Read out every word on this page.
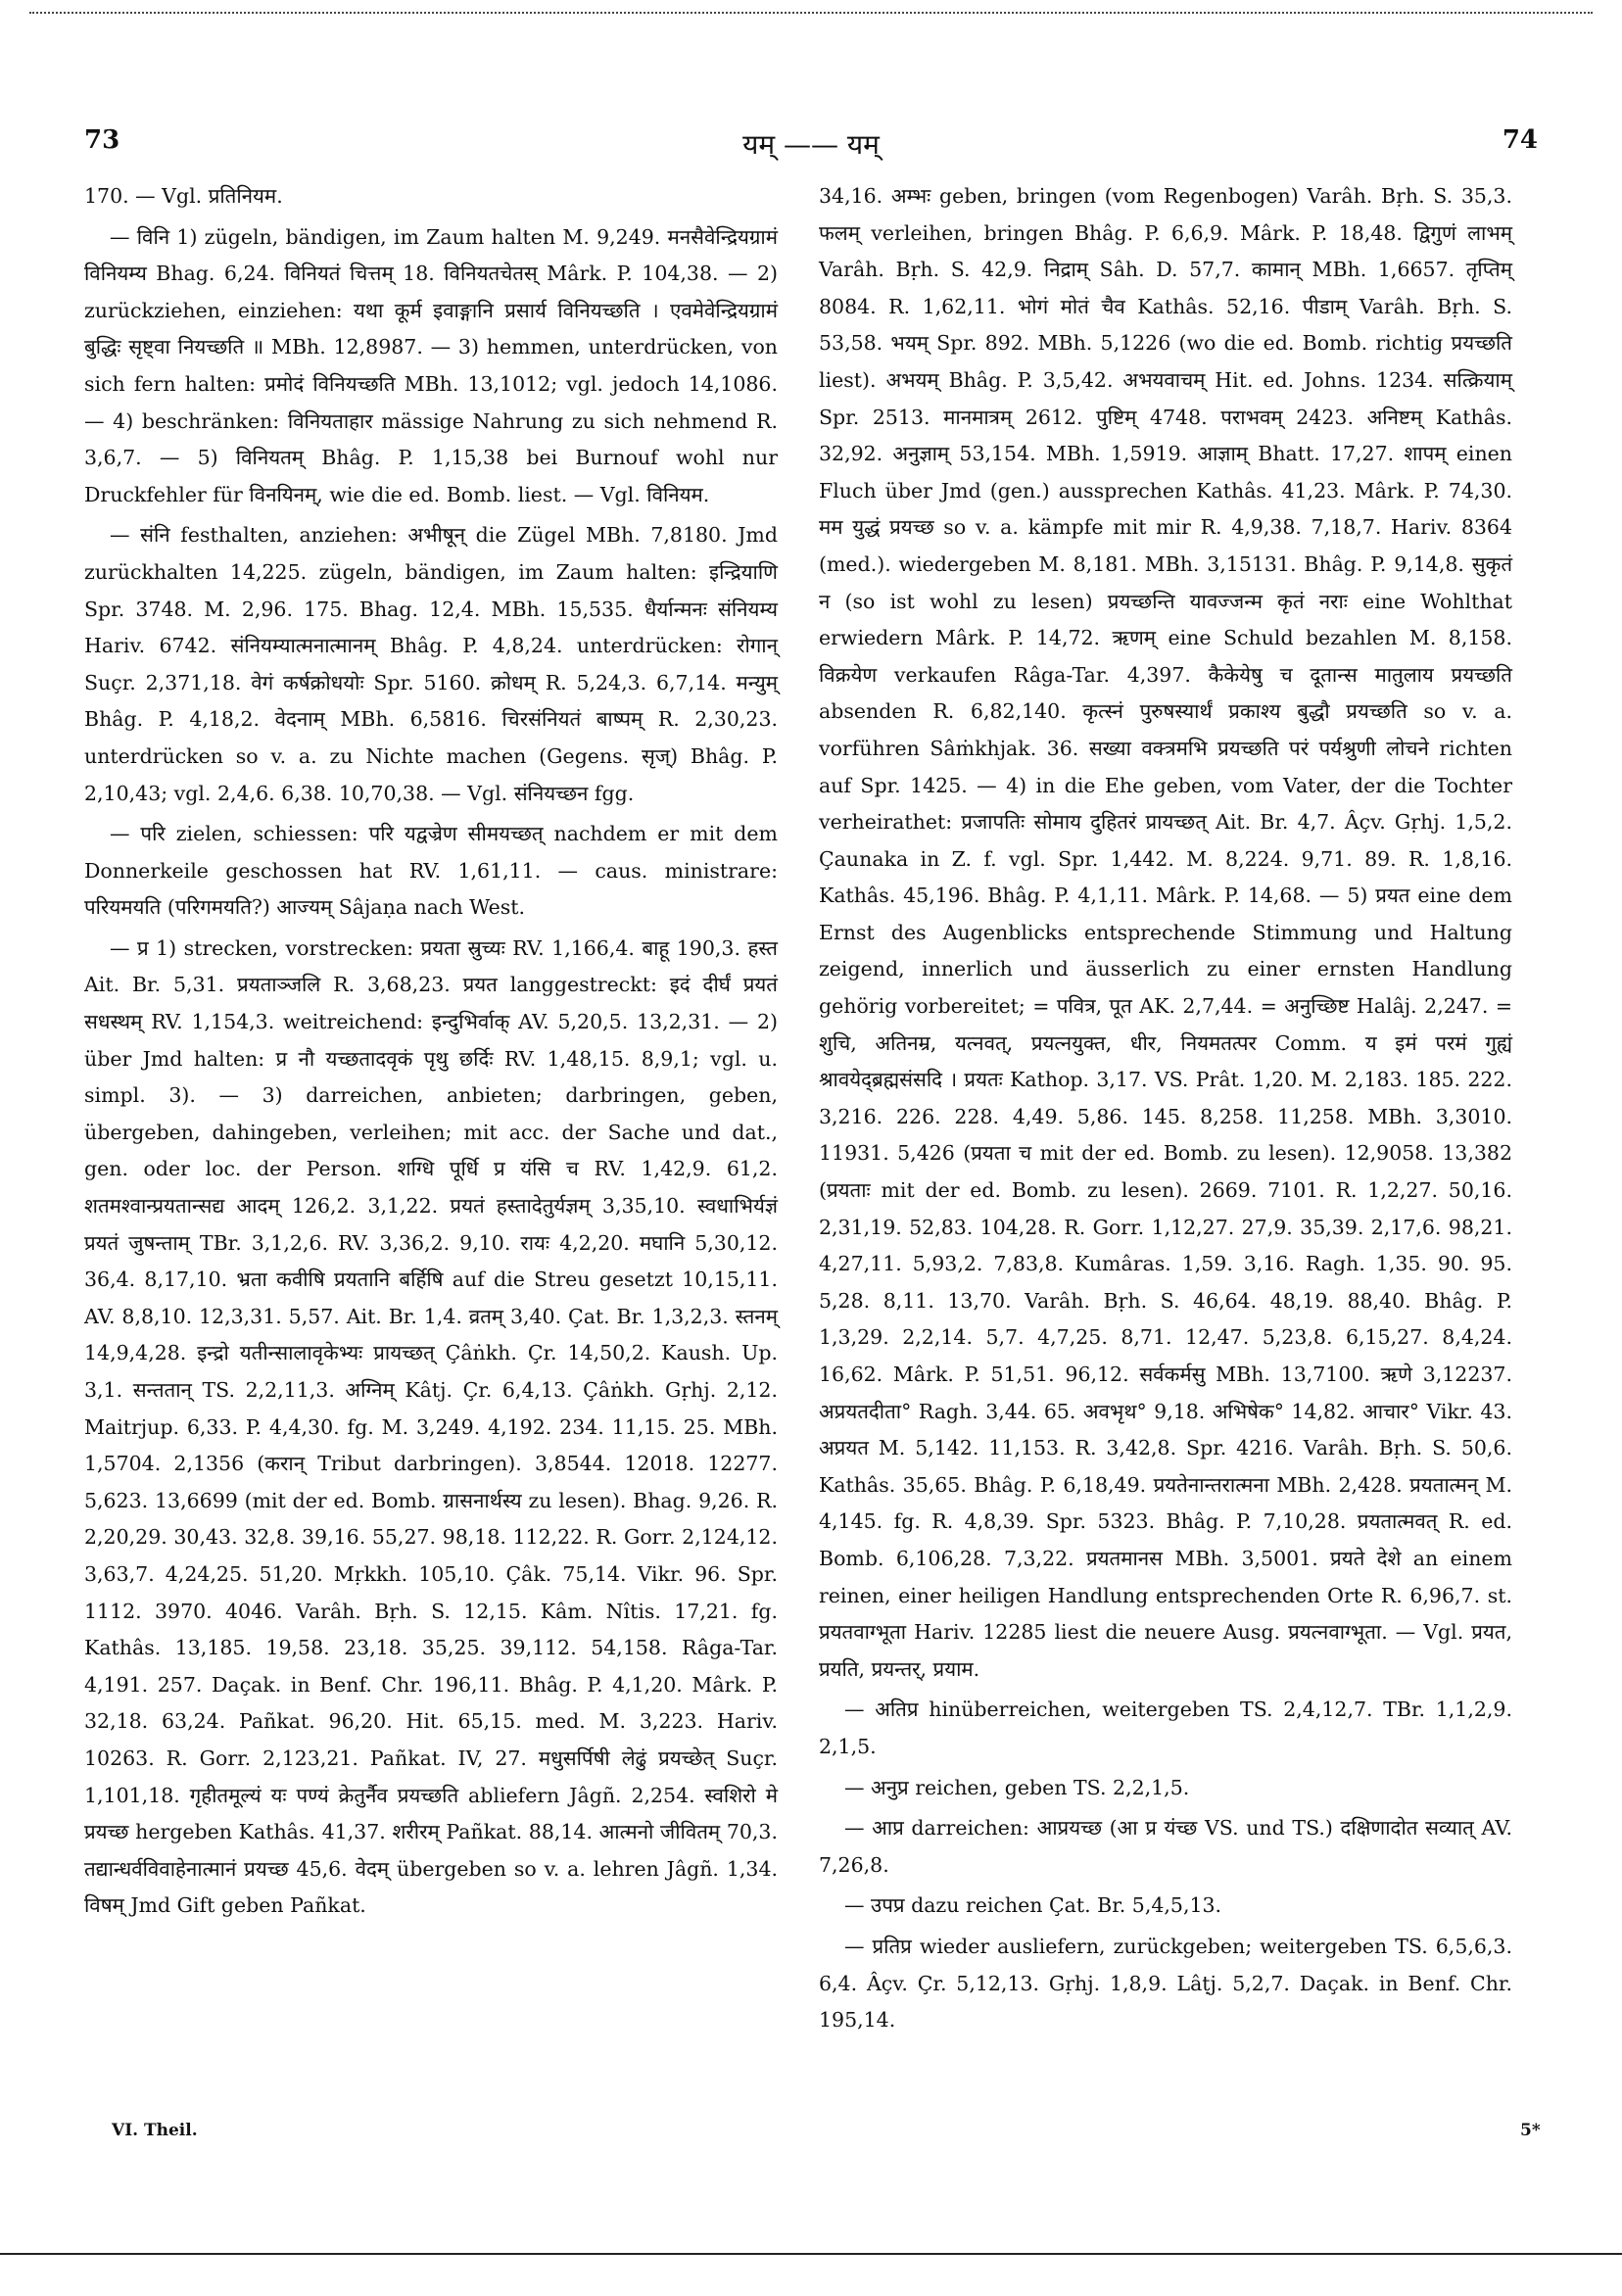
73	यम् —— यम्	74

170. — Vgl. प्रतिनियम.

— विनि 1) zügeln, bändigen, im Zaum halten M. 9,249. मनसैवेन्द्रियग्रामं विनियम्य Bhag. 6,24. विनियतं चित्तम् 18. विनियतचेतस् Mârk. P. 104,38. — 2) zurückziehen, einziehen: यथा कूर्म इवाङ्गानि प्रसार्य विनियच्छति । एवमेवेन्द्रियग्रामं बुद्धिः सृष्ट्वा नियच्छति ॥ MBh. 12,8987. — 3) hemmen, unterdrücken, von sich fern halten: प्रमोदं विनियच्छति MBh. 13,1012; vgl. jedoch 14,1086. — 4) beschränken: विनियताहार mässige Nahrung zu sich nehmend R. 3,6,7. — 5) विनियतम् Bhâg. P. 1,15,38 bei Burnouf wohl nur Druckfehler für विनयिनम्, wie die ed. Bomb. liest. — Vgl. विनियम.

— संनि festhalten, anziehen: अभीषून् die Zügel MBh. 7,8180. Jmd zurückhalten 14,225. zügeln, bändigen, im Zaum halten: इन्द्रियाणि Spr. 3748. M. 2,96. 175. Bhag. 12,4. MBh. 15,535. धैर्यान्मनः संनियम्य Hariv. 6742. संनियम्यात्मनात्मानम् Bhâg. P. 4,8,24. unterdrücken: रोगान् Suçr. 2,371,18. वेगं कर्षक्रोधयोः Spr. 5160. क्रोधम् R. 5,24,3. 6,7,14. मन्युम् Bhâg. P. 4,18,2. वेदनाम् MBh. 6,5816. चिरसंनियतं बाष्पम् R. 2,30,23. unterdrücken so v. a. zu Nichte machen (Gegens. सृज्) Bhâg. P. 2,10,43; vgl. 2,4,6. 6,38. 10,70,38. — Vgl. संनियच्छन fgg.

— परि zielen, schiessen: परि यद्वज्रेण सीमयच्छत् nachdem er mit dem Donnerkeile geschossen hat RV. 1,61,11. — caus. ministrare: परियमयति (परिगमयति?) आज्यम् Sâjaṇa nach West.

— प्र 1) strecken, vorstrecken: प्रयता स्रुच्यः RV. 1,166,4. बाहू 190,3. हस्त Ait. Br. 5,31. प्रयताञ्जलि R. 3,68,23. प्रयत langgestreckt: इदं दीर्घं प्रयतं सधस्थम् RV. 1,154,3. weitreichend: इन्दुभिर्वाक् AV. 5,20,5. 13,2,31. — 2) über Jmd halten: प्र नौ यच्छतादवृकं पृथु छर्दिः RV. 1,48,15. 8,9,1; vgl. u. simpl. 3). — 3) darreichen, anbieten; darbringen, geben, übergeben, dahingeben, verleihen; mit acc. der Sache und dat., gen. oder loc. der Person. शग्धि पूर्धि प्र यंसि च RV. 1,42,9. 61,2. शतमश्वान्प्रयतान्सद्य आदम् 126,2. 3,1,22. प्रयतं हस्तादेतुर्यज्ञम् 3,35,10. स्वधाभिर्यज्ञं प्रयतं जुषन्ताम् TBr. 3,1,2,6. RV. 3,36,2. 9,10. रायः 4,2,20. मघानि 5,30,12. 36,4. 8,17,10. भ्रता कवीषि प्रयतानि बर्हिषि auf die Streu gesetzt 10,15,11. AV. 8,8,10. 12,3,31. 5,57. Ait. Br. 1,4. व्रतम् 3,40. Çat. Br. 1,3,2,3. स्तनम् 14,9,4,28. इन्द्रो यतीन्सालावृकेभ्यः प्रायच्छत् Çâṅkh. Çr. 14,50,2. Kaush. Up. 3,1. सन्ततान् TS. 2,2,11,3. अग्निम् Kâtj. Çr. 6,4,13. Çâṅkh. Gṛhj. 2,12. Maitrjup. 6,33. P. 4,4,30. fg. M. 3,249. 4,192. 234. 11,15. 25. MBh. 1,5704. 2,1356 (करान् Tribut darbringen). 3,8544. 12018. 12277. 5,623. 13,6699 (mit der ed. Bomb. ग्रासनार्थस्य zu lesen). Bhag. 9,26. R. 2,20,29. 30,43. 32,8. 39,16. 55,27. 98,18. 112,22. R. Gorr. 2,124,12. 3,63,7. 4,24,25. 51,20. Mṛkkh. 105,10. Çâk. 75,14. Vikr. 96. Spr. 1112. 3970. 4046. Varâh. Bṛh. S. 12,15. Kâm. Nîtis. 17,21. fg. Kathâs. 13,185. 19,58. 23,18. 35,25. 39,112. 54,158. Râga-Tar. 4,191. 257. Daçak. in Benf. Chr. 196,11. Bhâg. P. 4,1,20. Mârk. P. 32,18. 63,24. Pañkat. 96,20. Hit. 65,15. med. M. 3,223. Hariv. 10263. R. Gorr. 2,123,21. Pañkat. IV, 27. मधुसर्पिषी लेढुं प्रयच्छेत् Suçr. 1,101,18. गृहीतमूल्यं यः पण्यं क्रेतुर्नैव प्रयच्छति abliefern Jâgñ. 2,254. स्वशिरो मे प्रयच्छ hergeben Kathâs. 41,37. शरीरम् Pañkat. 88,14. आत्मनो जीवितम् 70,3. तद्यान्धर्वविवाहेनात्मानं प्रयच्छ 45,6. वेदम् übergeben so v. a. lehren Jâgñ. 1,34. विषम् Jmd Gift geben Pañkat.

34,16. अम्भः geben, bringen (vom Regenbogen) Varâh. Bṛh. S. 35,3. फलम् verleihen, bringen Bhâg. P. 6,6,9. Mârk. P. 18,48. द्विगुणं लाभम् Varâh. Bṛh. S. 42,9. निद्राम् Sâh. D. 57,7. कामान् MBh. 1,6657. तृप्तिम् 8084. R. 1,62,11. भोगं मोतं चैव Kathâs. 52,16. पीडाम् Varâh. Bṛh. S. 53,58. भयम् Spr. 892. MBh. 5,1226 (wo die ed. Bomb. richtig प्रयच्छति liest). अभयम् Bhâg. P. 3,5,42. अभयवाचम् Hit. ed. Johns. 1234. सत्क्रियाम् Spr. 2513. मानमात्रम् 2612. पुष्टिम् 4748. पराभवम् 2423. अनिष्टम् Kathâs. 32,92. अनुज्ञाम् 53,154. MBh. 1,5919. आज्ञाम् Bhatt. 17,27. शापम् einen Fluch über Jmd (gen.) aussprechen Kathâs. 41,23. Mârk. P. 74,30. मम युद्धं प्रयच्छ so v. a. kämpfe mit mir R. 4,9,38. 7,18,7. Hariv. 8364 (med.). wiedergeben M. 8,181. MBh. 3,15131. Bhâg. P. 9,14,8. सुकृतं न (so ist wohl zu lesen) प्रयच्छन्ति यावज्जन्म कृतं नराः eine Wohlthat erwiedern Mârk. P. 14,72. ऋणम् eine Schuld bezahlen M. 8,158. विक्रयेण verkaufen Râga-Tar. 4,397. कैकेयेषु च दूतान्स मातुलाय प्रयच्छति absenden R. 6,82,140. कृत्स्नं पुरुषस्यार्थं प्रकाश्य बुद्धौ प्रयच्छति so v. a. vorführen Sâṁkhjak. 36. सख्या वक्त्रमभि प्रयच्छति परं पर्यश्रुणी लोचने richten auf Spr. 1425. — 4) in die Ehe geben, vom Vater, der die Tochter verheirathet: प्रजापतिः सोमाय दुहितरं प्रायच्छत् Ait. Br. 4,7. Âçv. Gṛhj. 1,5,2. Çaunaka in Z. f. vgl. Spr. 1,442. M. 8,224. 9,71. 89. R. 1,8,16. Kathâs. 45,196. Bhâg. P. 4,1,11. Mârk. P. 14,68. — 5) प्रयत eine dem Ernst des Augenblicks entsprechende Stimmung und Haltung zeigend, innerlich und äusserlich zu einer ernsten Handlung gehörig vorbereitet; = पवित्र, पूत AK. 2,7,44. = अनुच्छिष्ट Halâj. 2,247. = शुचि, अतिनम्र, यत्नवत्, प्रयत्नयुक्त, धीर, नियमतत्पर Comm. य इमं परमं गुह्यं श्रावयेद्ब्रह्मसंसदि । प्रयतः Kathop. 3,17. VS. Prât. 1,20. M. 2,183. 185. 222. 3,216. 226. 228. 4,49. 5,86. 145. 8,258. 11,258. MBh. 3,3010. 11931. 5,426 (प्रयता च mit der ed. Bomb. zu lesen). 12,9058. 13,382 (प्रयताः mit der ed. Bomb. zu lesen). 2669. 7101. R. 1,2,27. 50,16. 2,31,19. 52,83. 104,28. R. Gorr. 1,12,27. 27,9. 35,39. 2,17,6. 98,21. 4,27,11. 5,93,2. 7,83,8. Kumâras. 1,59. 3,16. Ragh. 1,35. 90. 95. 5,28. 8,11. 13,70. Varâh. Bṛh. S. 46,64. 48,19. 88,40. Bhâg. P. 1,3,29. 2,2,14. 5,7. 4,7,25. 8,71. 12,47. 5,23,8. 6,15,27. 8,4,24. 16,62. Mârk. P. 51,51. 96,12. सर्वकर्मसु MBh. 13,7100. ऋणे 3,12237. अप्रयतदीता° Ragh. 3,44. 65. अवभृथ° 9,18. अभिषेक° 14,82. आचार° Vikr. 43. अप्रयत M. 5,142. 11,153. R. 3,42,8. Spr. 4216. Varâh. Bṛh. S. 50,6. Kathâs. 35,65. Bhâg. P. 6,18,49. प्रयतेनान्तरात्मना MBh. 2,428. प्रयतात्मन् M. 4,145. fg. R. 4,8,39. Spr. 5323. Bhâg. P. 7,10,28. प्रयतात्मवत् R. ed. Bomb. 6,106,28. 7,3,22. प्रयतमानस MBh. 3,5001. प्रयते देशे an einem reinen, einer heiligen Handlung entsprechenden Orte R. 6,96,7. st. प्रयतवाग्भूता Hariv. 12285 liest die neuere Ausg. प्रयत्नवाग्भूता. — Vgl. प्रयत, प्रयति, प्रयन्तर्, प्रयाम.

— अतिप्र hinüberreichen, weitergeben TS. 2,4,12,7. TBr. 1,1,2,9. 2,1,5.

— अनुप्र reichen, geben TS. 2,2,1,5.

— आप्र darreichen: आप्रयच्छ (आ प्र यंच्छ VS. und TS.) दक्षिणादोत सव्यात् AV. 7,26,8.

— उपप्र dazu reichen Çat. Br. 5,4,5,13.

— प्रतिप्र wieder ausliefern, zurückgeben; weitergeben TS. 6,5,6,3. 6,4. Âçv. Çr. 5,12,13. Gṛhj. 1,8,9. Lâṭj. 5,2,7. Daçak. in Benf. Chr. 195,14.

VI. Theil.	5*
